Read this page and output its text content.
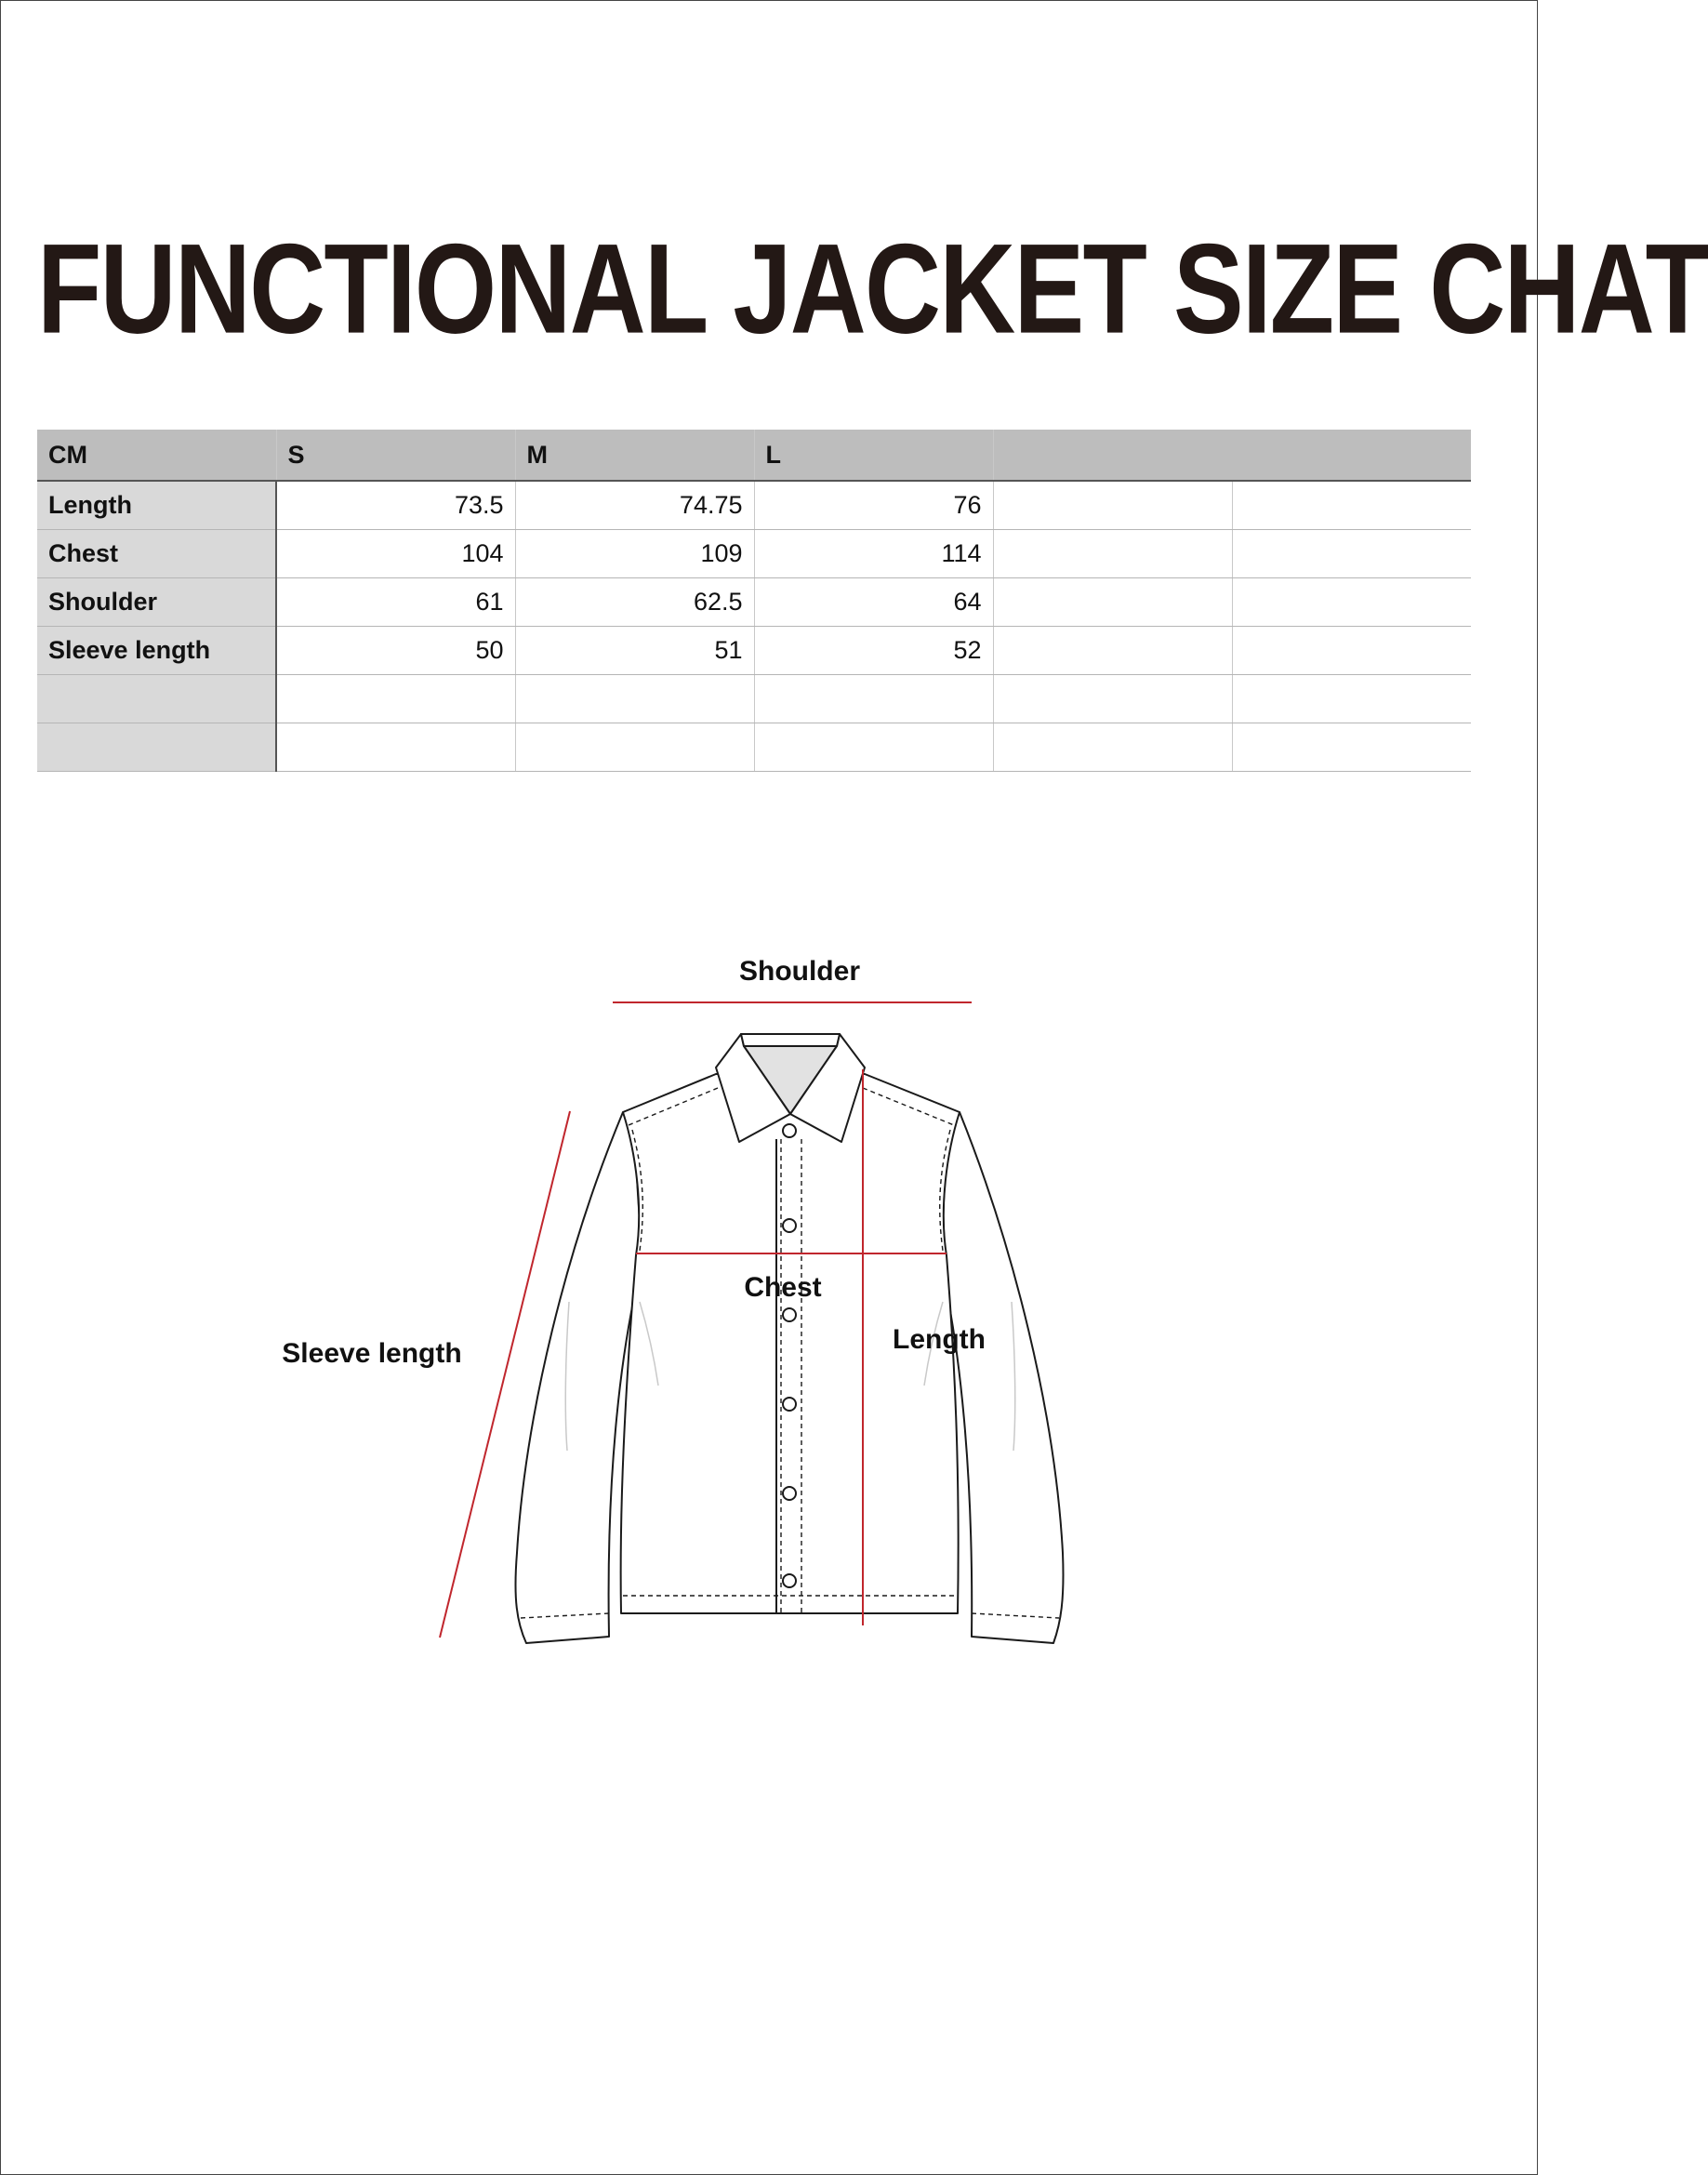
FUNCTIONAL JACKET SIZE CHAT
CM	S	M	L		
Length	73.5	74.75	76		
Chest	104	109	114		
Shoulder	61	62.5	64		
Sleeve length	50	51	52		

Shoulder
Chest
Length
Sleeve length
